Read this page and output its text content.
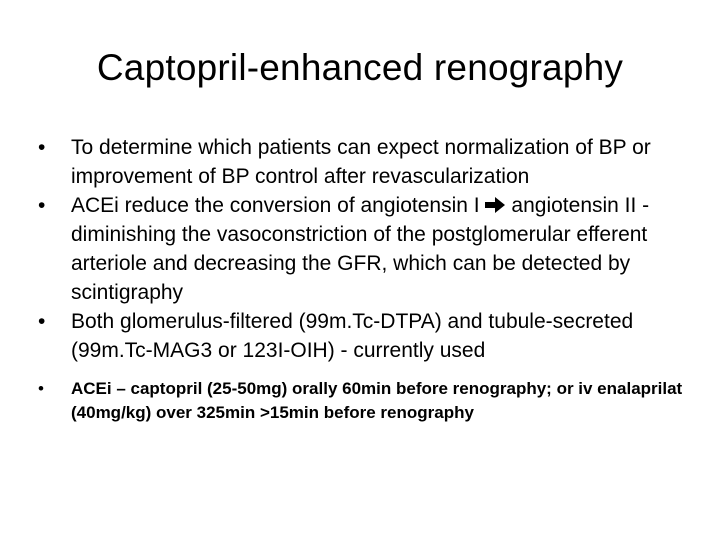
Captopril-enhanced renography
•	To determine which patients can expect normalization of BP or improvement of BP control after revascularization
•	ACEi reduce the conversion of angiotensin I angiotensin II - diminishing the vasoconstriction of the postglomerular efferent arteriole and decreasing the GFR, which can be detected by scintigraphy
•	Both glomerulus-filtered (99m.Tc-DTPA) and tubule-secreted (99m.Tc-MAG3 or 123I-OIH) - currently used
•	ACEi – captopril (25-50mg) orally 60min before renography; or iv enalaprilat (40mg/kg) over 325min >15min before renography
